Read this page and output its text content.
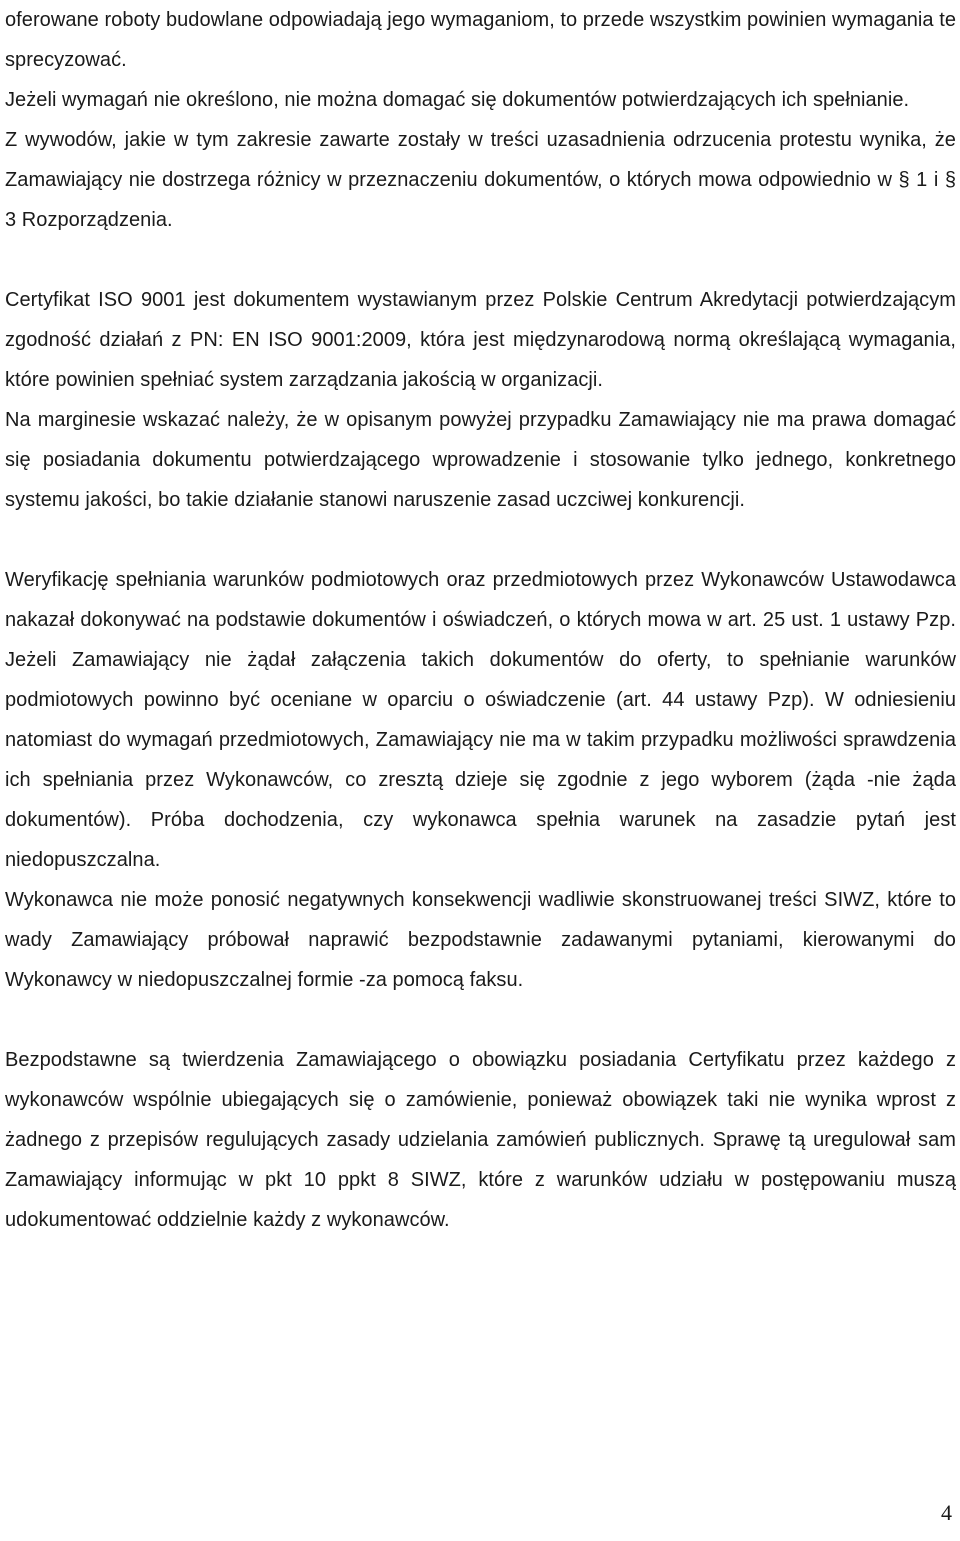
oferowane roboty budowlane odpowiadają jego wymaganiom, to przede wszystkim powinien wymagania te sprecyzować.

Jeżeli wymagań nie określono, nie można domagać się dokumentów potwierdzających ich spełnianie.

Z wywodów, jakie w tym zakresie zawarte zostały w treści uzasadnienia odrzucenia protestu wynika, że Zamawiający nie dostrzega różnicy w przeznaczeniu dokumentów, o których mowa odpowiednio w § 1 i § 3 Rozporządzenia.

Certyfikat ISO 9001 jest dokumentem wystawianym przez Polskie Centrum Akredytacji potwierdzającym zgodność działań z PN: EN ISO 9001:2009, która jest międzynarodową normą określającą wymagania, które powinien spełniać system zarządzania jakością w organizacji.

Na marginesie wskazać należy, że w opisanym powyżej przypadku Zamawiający nie ma prawa domagać się posiadania dokumentu potwierdzającego wprowadzenie i stosowanie tylko jednego, konkretnego systemu jakości, bo takie działanie stanowi naruszenie zasad uczciwej konkurencji.

Weryfikację spełniania warunków podmiotowych oraz przedmiotowych przez Wykonawców Ustawodawca nakazał dokonywać na podstawie dokumentów i oświadczeń, o których mowa w art. 25 ust. 1 ustawy Pzp. Jeżeli Zamawiający nie żądał załączenia takich dokumentów do oferty, to spełnianie warunków podmiotowych powinno być oceniane w oparciu o oświadczenie (art. 44 ustawy Pzp). W odniesieniu natomiast do wymagań przedmiotowych, Zamawiający nie ma w takim przypadku możliwości sprawdzenia ich spełniania przez Wykonawców, co zresztą dzieje się zgodnie z jego wyborem (żąda -nie żąda dokumentów). Próba dochodzenia, czy wykonawca spełnia warunek na zasadzie pytań jest niedopuszczalna.

Wykonawca nie może ponosić negatywnych konsekwencji wadliwie skonstruowanej treści SIWZ, które to wady Zamawiający próbował naprawić bezpodstawnie zadawanymi pytaniami, kierowanymi do Wykonawcy w niedopuszczalnej formie -za pomocą faksu.

Bezpodstawne są twierdzenia Zamawiającego o obowiązku posiadania Certyfikatu przez każdego z wykonawców wspólnie ubiegających się o zamówienie, ponieważ obowiązek taki nie wynika wprost z żadnego z przepisów regulujących zasady udzielania zamówień publicznych. Sprawę tą uregulował sam Zamawiający informując w pkt 10 ppkt 8 SIWZ, które z warunków udziału w postępowaniu muszą udokumentować oddzielnie każdy z wykonawców.

4
